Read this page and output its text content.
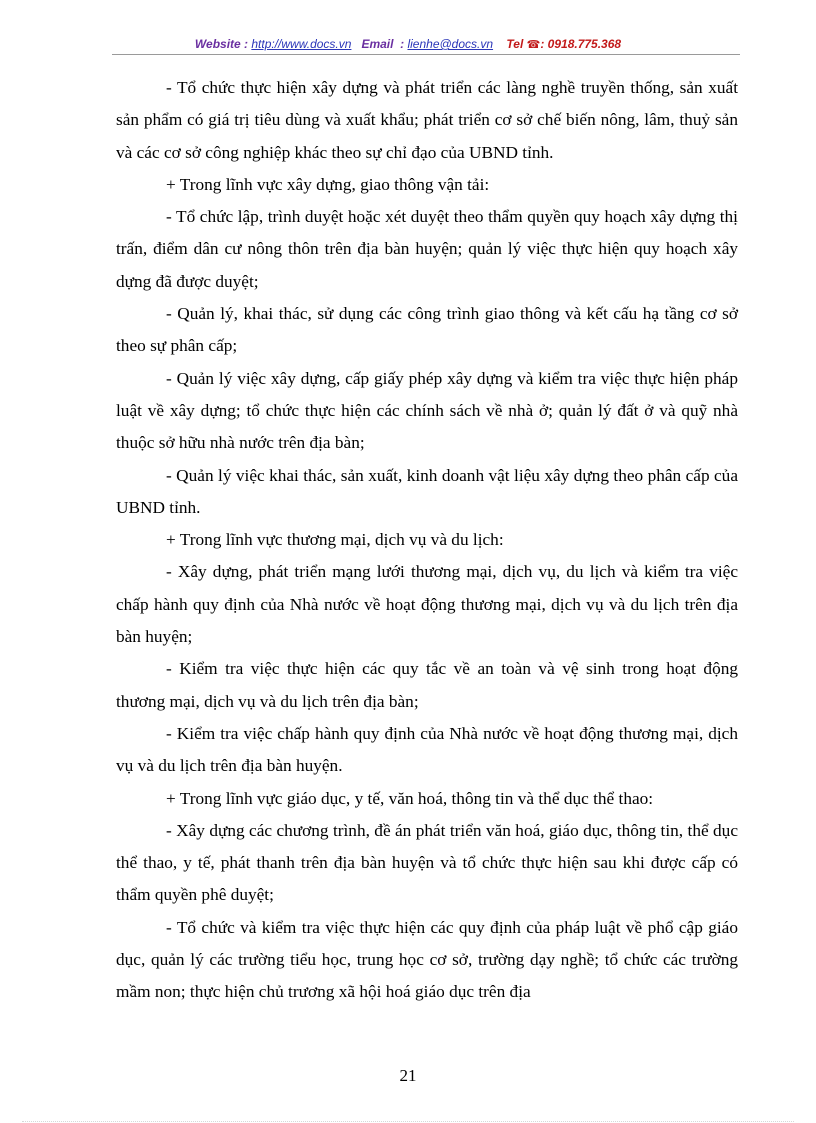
Website : http://www.docs.vn Email : lienhe@docs.vn Tel ☎: 0918.775.368

- Tổ chức thực hiện xây dựng và phát triển các làng nghề truyền thống, sản xuất sản phẩm có giá trị tiêu dùng và xuất khẩu; phát triển cơ sở chế biến nông, lâm, thuỷ sản và các cơ sở công nghiệp khác theo sự chỉ đạo của UBND tỉnh.

+ Trong lĩnh vực xây dựng, giao thông vận tải:

- Tổ chức lập, trình duyệt hoặc xét duyệt theo thẩm quyền quy hoạch xây dựng thị trấn, điểm dân cư nông thôn trên địa bàn huyện; quản lý việc thực hiện quy hoạch xây dựng đã được duyệt;

- Quản lý, khai thác, sử dụng các công trình giao thông và kết cấu hạ tầng cơ sở theo sự phân cấp;

- Quản lý việc xây dựng, cấp giấy phép xây dựng và kiểm tra việc thực hiện pháp luật về xây dựng; tổ chức thực hiện các chính sách về nhà ở; quản lý đất ở và quỹ nhà thuộc sở hữu nhà nước trên địa bàn;

- Quản lý việc khai thác, sản xuất, kinh doanh vật liệu xây dựng theo phân cấp của UBND tỉnh.

+ Trong lĩnh vực thương mại, dịch vụ và du lịch:

- Xây dựng, phát triển mạng lưới thương mại, dịch vụ, du lịch và kiểm tra việc chấp hành quy định của Nhà nước về hoạt động thương mại, dịch vụ và du lịch trên địa bàn huyện;

- Kiểm tra việc thực hiện các quy tắc về an toàn và vệ sinh trong hoạt động thương mại, dịch vụ và du lịch trên địa bàn;

- Kiểm tra việc chấp hành quy định của Nhà nước về hoạt động thương mại, dịch vụ và du lịch trên địa bàn huyện.

+ Trong lĩnh vực giáo dục, y tế, văn hoá, thông tin và thể dục thể thao:

- Xây dựng các chương trình, đề án phát triển văn hoá, giáo dục, thông tin, thể dục thể thao, y tế, phát thanh trên địa bàn huyện và tổ chức thực hiện sau khi được cấp có thẩm quyền phê duyệt;

- Tổ chức và kiểm tra việc thực hiện các quy định của pháp luật về phổ cập giáo dục, quản lý các trường tiểu học, trung học cơ sở, trường dạy nghề; tổ chức các trường mầm non; thực hiện chủ trương xã hội hoá giáo dục trên địa

21
